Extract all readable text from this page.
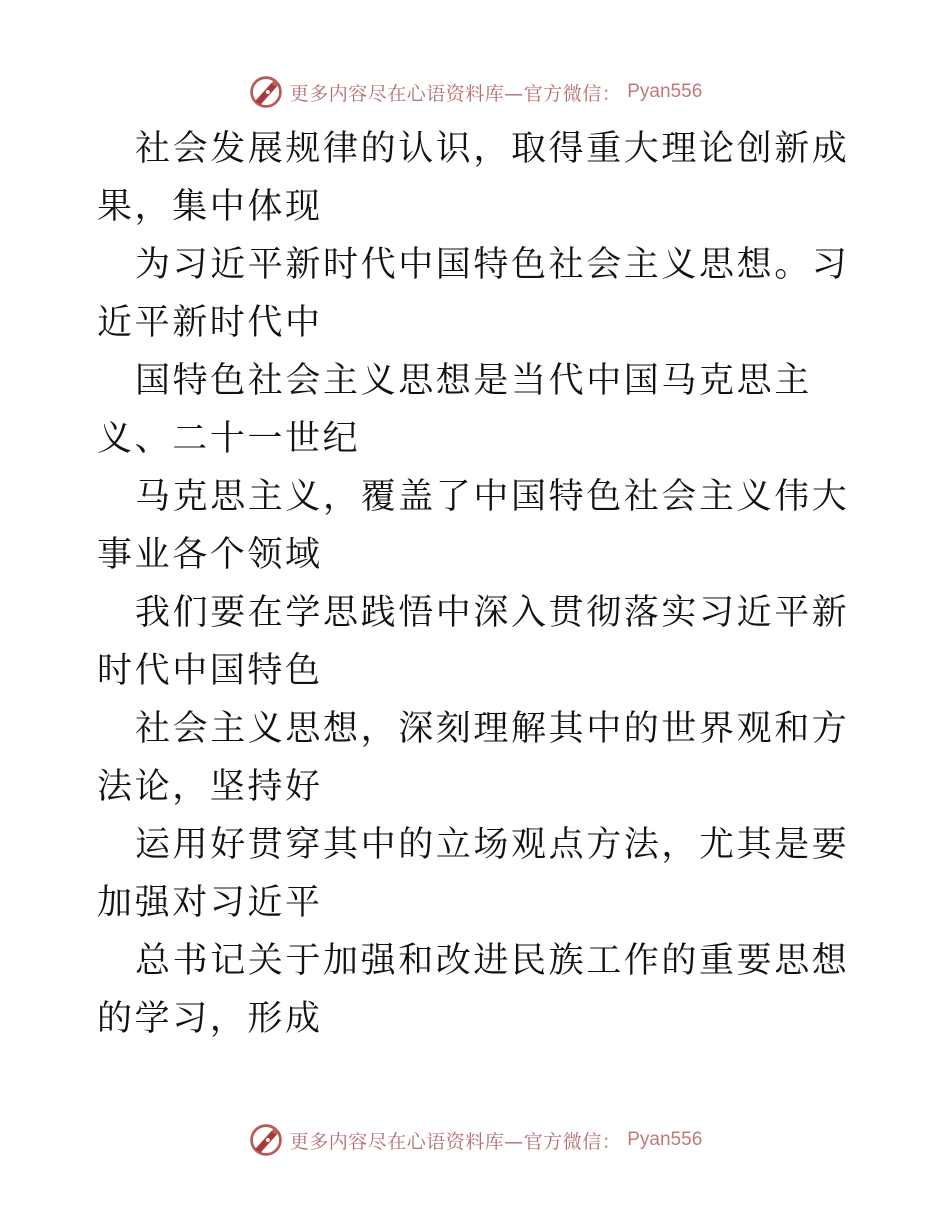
更多内容尽在心语资料库—官方微信： Pyan556

社会发展规律的认识，取得重大理论创新成果，集中体现

为习近平新时代中国特色社会主义思想。习近平新时代中

国特色社会主义思想是当代中国马克思主义、二十一世纪

马克思主义，覆盖了中国特色社会主义伟大事业各个领域

我们要在学思践悟中深入贯彻落实习近平新时代中国特色

社会主义思想，深刻理解其中的世界观和方法论，坚持好

运用好贯穿其中的立场观点方法，尤其是要加强对习近平

总书记关于加强和改进民族工作的重要思想的学习，形成

更多内容尽在心语资料库—官方微信： Pyan556
